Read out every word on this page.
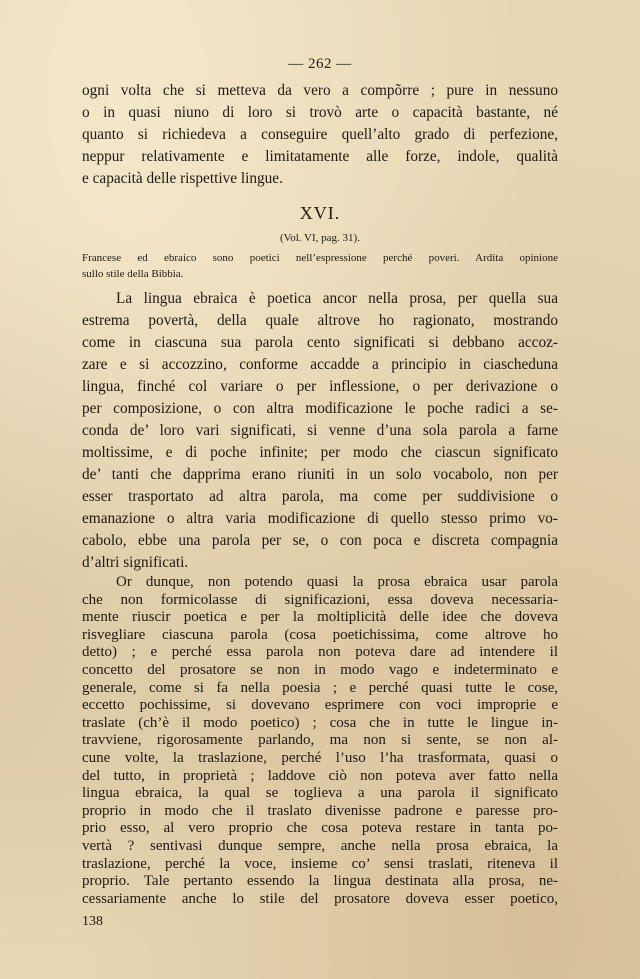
— 262 —
ogni volta che si metteva da vero a compõrre ; pure in nessuno
o in quasi niuno di loro si trovò arte o capacità bastante, né
quanto si richiedeva a conseguire quell’alto grado di perfezione,
neppur relativamente e limitatamente alle forze, indole, qualità
e capacità delle rispettive lingue.
XVI.
(Vol. VI, pag. 31).
Francese ed ebraico sono poetici nell’espressione perché poveri. Ardita opinione
sullo stile della Bibbia.
La lingua ebraica è poetica ancor nella prosa, per quella sua
estrema povertà, della quale altrove ho ragionato, mostrando
come in ciascuna sua parola cento significati si debbano accoz-
zare e si accozzino, conforme accadde a principio in ciascheduna
lingua, finché col variare o per inflessione, o per derivazione o
per composizione, o con altra modificazione le poche radici a se-
conda de’ loro vari significati, si venne d’una sola parola a farne
moltissime, e di poche infinite; per modo che ciascun significato
de’ tanti che dapprima erano riuniti in un solo vocabolo, non per
esser trasportato ad altra parola, ma come per suddivisione o
emanazione o altra varia modificazione di quello stesso primo vo-
cabolo, ebbe una parola per se, o con poca e discreta compagnia
d’altri significati.
Or dunque, non potendo quasi la prosa ebraica usar parola
che non formicolasse di significazioni, essa doveva necessaria-
mente riuscir poetica e per la moltiplicità delle idee che doveva
risvegliare ciascuna parola (cosa poetichissima, come altrove ho
detto) ; e perché essa parola non poteva dare ad intendere il
concetto del prosatore se non in modo vago e indeterminato e
generale, come si fa nella poesia ; e perché quasi tutte le cose,
eccetto pochissime, si dovevano esprimere con voci improprie e
traslate (ch’è il modo poetico) ; cosa che in tutte le lingue in-
travviene, rigorosamente parlando, ma non si sente, se non al-
cune volte, la traslazione, perché l’uso l’ha trasformata, quasi o
del tutto, in proprietà ; laddove ciò non poteva aver fatto nella
lingua ebraica, la qual se toglieva a una parola il significato
proprio in modo che il traslato divenisse padrone e paresse pro-
prio esso, al vero proprio che cosa poteva restare in tanta po-
vertà ? sentivasi dunque sempre, anche nella prosa ebraica, la
traslazione, perché la voce, insieme co’ sensi traslati, riteneva il
proprio. Tale pertanto essendo la lingua destinata alla prosa, ne-
cessariamente anche lo stile del prosatore doveva esser poetico,
138
